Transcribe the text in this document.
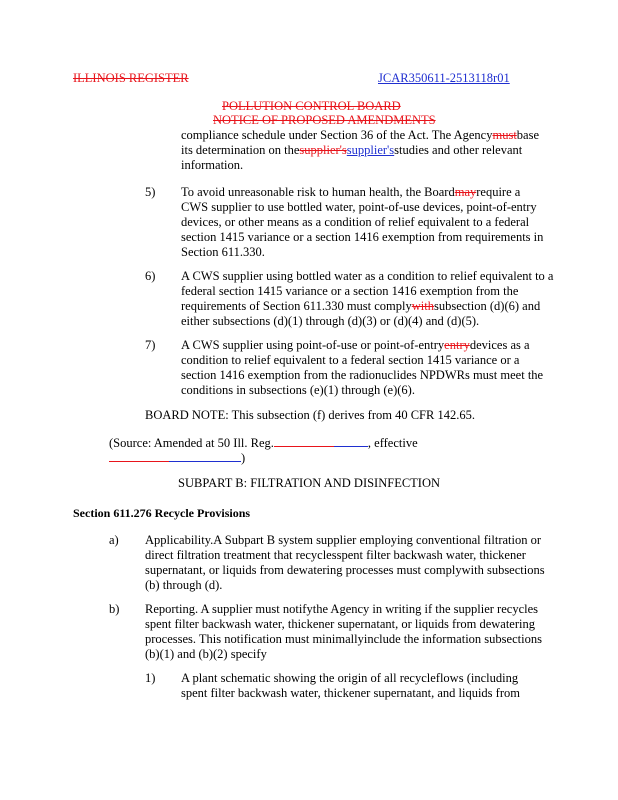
ILLINOIS REGISTER	JCAR350611-2513118r01
POLLUTION CONTROL BOARD
NOTICE OF PROPOSED AMENDMENTS
compliance schedule under Section 36 of the Act. The Agencymustbase
its determination on thesupplier'ssupplier'sstudies and other relevant
information.
5) To avoid unreasonable risk to human health, the Boardmayrequire a
CWS supplier to use bottled water, point-of-use devices, point-of-entry
devices, or other means as a condition of relief equivalent to a federal
section 1415 variance or a section 1416 exemption from requirements in
Section 611.330.
6) A CWS supplier using bottled water as a condition to relief equivalent to a
federal section 1415 variance or a section 1416 exemption from the
requirements of Section 611.330 must complywithsubsection (d)(6) and
either subsections (d)(1) through (d)(3) or (d)(4) and (d)(5).
7) A CWS supplier using point-of-use or point-of-entryentrydevices as a
condition to relief equivalent to a federal section 1415 variance or a
section 1416 exemption from the radionuclides NPDWRs must meet the
conditions in subsections (e)(1) through (e)(6).
BOARD NOTE: This subsection (f) derives from 40 CFR 142.65.
(Source: Amended at 50 Ill. Reg.	, effective
)
SUBPART B: FILTRATION AND DISINFECTION
Section 611.276 Recycle Provisions
a) Applicability.A Subpart B system supplier employing conventional filtration or
direct filtration treatment that recyclesspent filter backwash water, thickener
supernatant, or liquids from dewatering processes must complywith subsections
(b) through (d).
b) Reporting. A supplier must notifythe Agency in writing if the supplier recycles
spent filter backwash water, thickener supernatant, or liquids from dewatering
processes. This notification must minimallyinclude the information subsections
(b)(1) and (b)(2) specify
1) A plant schematic showing the origin of all recycleflows (including
spent filter backwash water, thickener supernatant, and liquids from
